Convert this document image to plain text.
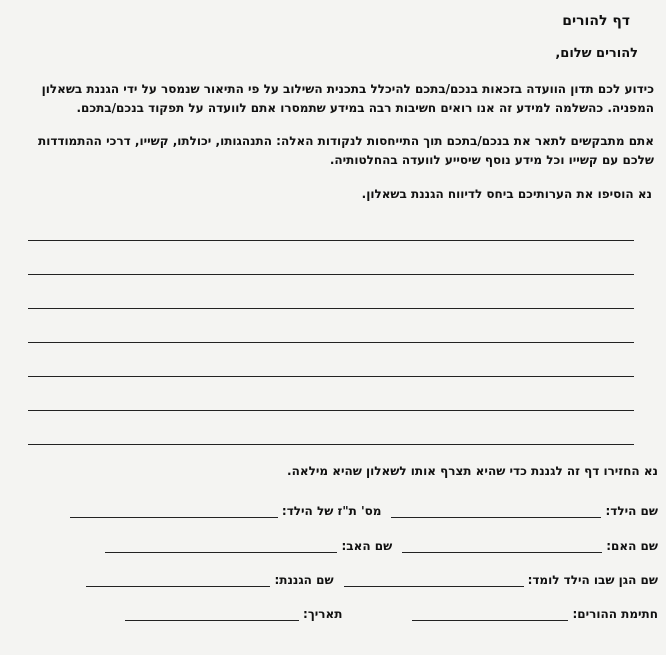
דף להורים
להורים שלום,
כידוע לכם תדון הוועדה בזכאות בנכם/בתכם להיכלל בתכנית השילוב על פי התיאור שנמסר על ידי הגננת בשאלון המפניה. כהשלמה למידע זה אנו רואים חשיבות רבה במידע שתמסרו אתם לוועדה על תפקוד בנכם/בתכם.
אתם מתבקשים לתאר את בנכם/בתכם תוך התייחסות לנקודות האלה: התנהגותו, יכולתו, קשייו, דרכי ההתמודדות שלכם עם קשייו וכל מידע נוסף שיסייע לוועדה בהחלטותיה.
נא הוסיפו את הערותיכם ביחס לדיווח הגננת בשאלון.
נא החזירו דף זה לגננת כדי שהיא תצרף אותו לשאלון שהיא מילאה.
שם הילד:
מס' ת"ז של הילד:
שם האם:
שם האב:
שם הגן שבו הילד לומד:
שם הגננת:
חתימת ההורים:
תאריך:
